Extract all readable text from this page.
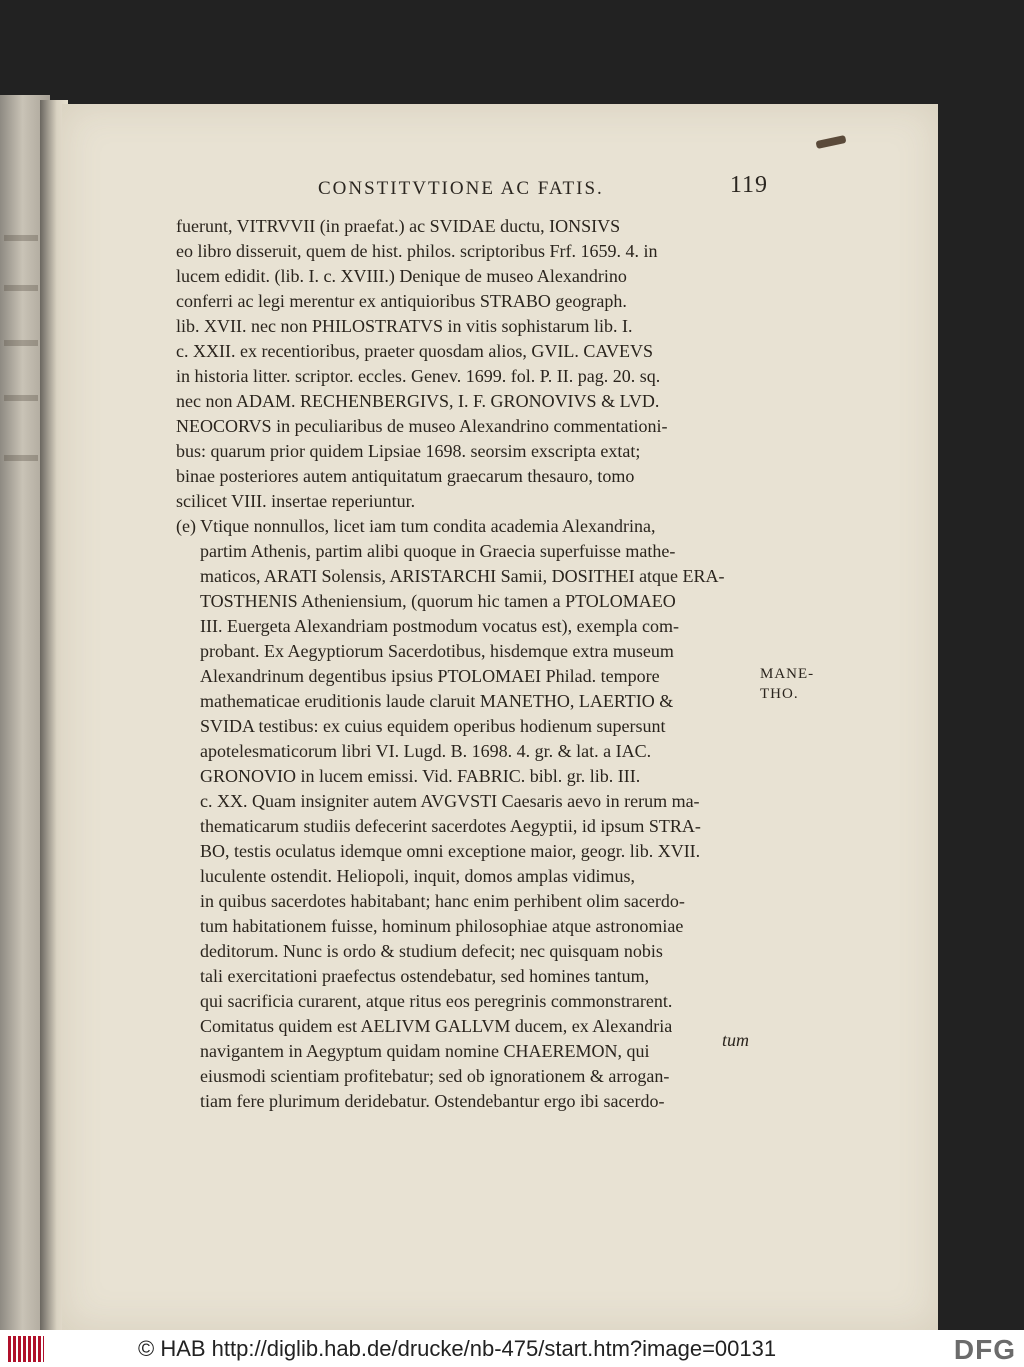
CONSTITVTIONE AC FATIS.	119
fuerunt, VITRVVII (in praefat.) ac SVIDAE ductu, IONSIVS
eo libro disseruit, quem de hist. philos. scriptoribus Frf. 1659. 4. in
lucem edidit. (lib. I. c. XVIII.) Denique de museo Alexandrino
conferri ac legi merentur ex antiquioribus STRABO geograph.
lib. XVII. nec non PHILOSTRATVS in vitis sophistarum lib. I.
c. XXII. ex recentioribus, praeter quosdam alios, GVIL. CAVEVS
in historia litter. scriptor. eccles. Genev. 1699. fol. P. II. pag. 20. sq.
nec non ADAM. RECHENBERGIVS, I. F. GRONOVIVS & LVD.
NEOCORVS in peculiaribus de museo Alexandrino commentationi-
bus: quarum prior quidem Lipsiae 1698. seorsim exscripta extat;
binae posteriores autem antiquitatum graecarum thesauro, tomo
scilicet VIII. insertae reperiuntur.
(e) Vtique nonnullos, licet iam tum condita academia Alexandrina,
partim Athenis, partim alibi quoque in Graecia superfuisse mathe-
maticos, ARATI Solensis, ARISTARCHI Samii, DOSITHEI atque ERA-
TOSTHENIS Atheniensium, (quorum hic tamen a PTOLOMAEO
III. Euergeta Alexandriam postmodum vocatus est), exempla com-
probant. Ex Aegyptiorum Sacerdotibus, hisdemque extra museum
Alexandrinum degentibus ipsius PTOLOMAEI Philad. tempore
mathematicae eruditionis laude claruit MANETHO, LAERTIO &
SVIDA testibus: ex cuius equidem operibus hodienum supersunt
apotelesmaticorum libri VI. Lugd. B. 1698. 4. gr. & lat. a IAC.
GRONOVIO in lucem emissi. Vid. FABRIC. bibl. gr. lib. III.
c. XX. Quam insigniter autem AVGVSTI Caesaris aevo in rerum ma-
thematicarum studiis defecerint sacerdotes Aegyptii, id ipsum STRA-
BO, testis oculatus idemque omni exceptione maior, geogr. lib. XVII.
luculente ostendit. Heliopoli, inquit, domos amplas vidimus,
in quibus sacerdotes habitabant; hanc enim perhibent olim sacerdo-
tum habitationem fuisse, hominum philosophiae atque astronomiae
deditorum. Nunc is ordo & studium defecit; nec quisquam nobis
tali exercitationi praefectus ostendebatur, sed homines tantum,
qui sacrificia curarent, atque ritus eos peregrinis commonstrarent.
Comitatus quidem est AELIVM GALLVM ducem, ex Alexandria
navigantem in Aegyptum quidam nomine CHAEREMON, qui
eiusmodi scientiam profitebatur; sed ob ignorationem & arrogan-
tiam fere plurimum deridebatur. Ostendebantur ergo ibi sacerdo-
MANE-
THO.
tum
© HAB http://diglib.hab.de/drucke/nb-475/start.htm?image=00131	DFG
